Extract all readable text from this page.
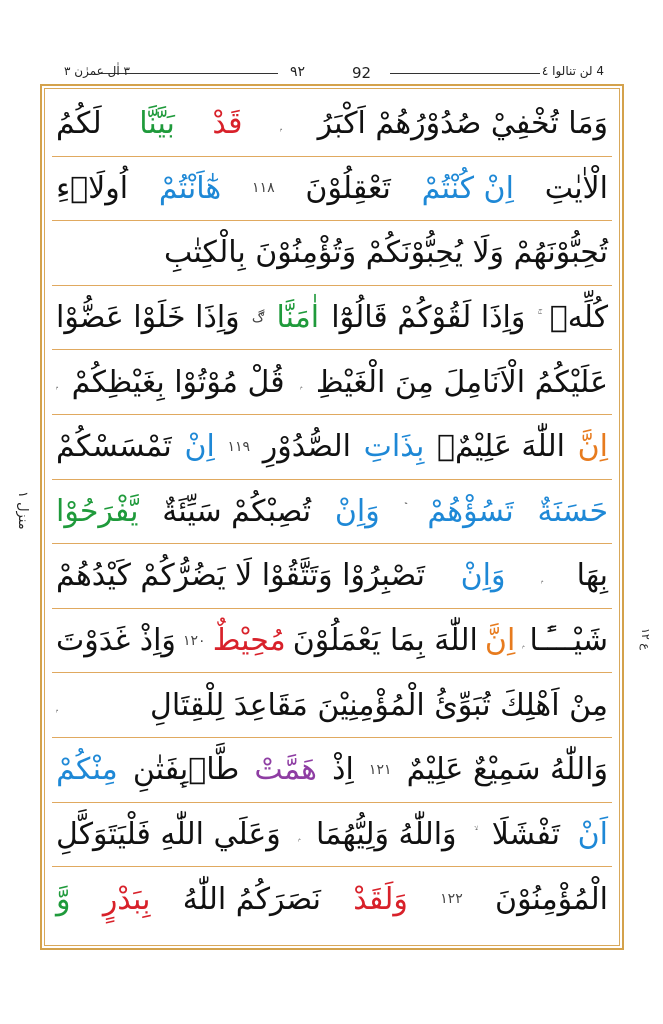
٣ اٰل عمرٰن ٣	٩٢	92	4 لن تنالوا ٤
وَمَا تُخْفِيْ صُدُوْرُهُمْ اَكْبَرُ
قَدْ
بَيَّنَّا
لَكُمُ
الْاٰيٰتِ
اِنْ كُنْتُمْ
تَعْقِلُوْنَ
١١٨
هٰٓاَنْتُمْ
اُولَاۗءِ
تُحِبُّوْنَهُمْ وَلَا يُحِبُّوْنَكُمْ وَتُؤْمِنُوْنَ بِالْكِتٰبِ
كُلِّهٖ
وَاِذَا لَقُوْكُمْ قَالُوْٓا
اٰمَنَّا
ڰ
وَاِذَا خَلَوْا عَضُّوْا
عَلَيْكُمُ الْاَنَامِلَ مِنَ الْغَيْظِ
قُلْ مُوْتُوْا بِغَيْظِكُمْ
اِنَّ
اللّٰهَ عَلِيْمٌۢ
بِذَاتِ
الصُّدُوْرِ
١١٩
اِنْ
تَمْسَسْكُمْ
حَسَنَةٌ
تَسُؤْهُمْ
وَاِنْ
تُصِبْكُمْ سَيِّئَةٌ
يَّفْرَحُوْا
بِهَا
وَاِنْ
تَصْبِرُوْا وَتَتَّقُوْا لَا يَضُرُّكُمْ كَيْدُھُمْ
شَيْـــًٔـا
اِنَّ
اللّٰهَ بِمَا يَعْمَلُوْنَ
مُحِيْطٌ
١٢٠
وَاِذْ غَدَوْتَ
مِنْ اَھْلِكَ تُبَوِّئُ الْمُؤْمِنِيْنَ مَقَاعِدَ لِلْقِتَالِ
وَاللّٰهُ سَمِيْعٌ عَلِيْمٌ
١٢١
اِذْ
ھَمَّتْ
طَّاۗىِٕفَتٰنِ
مِنْكُمْ
اَنْ
تَفْشَلَا
وَاللّٰهُ وَلِيُّهُمَا
وَعَلَي اللّٰهِ فَلْيَتَوَكَّلِ
الْمُؤْمِنُوْنَ
١٢٢
وَلَقَدْ
نَصَرَكُمُ اللّٰهُ
بِبَدْرٍ
وَّ
منزل ١
ع ١٢
